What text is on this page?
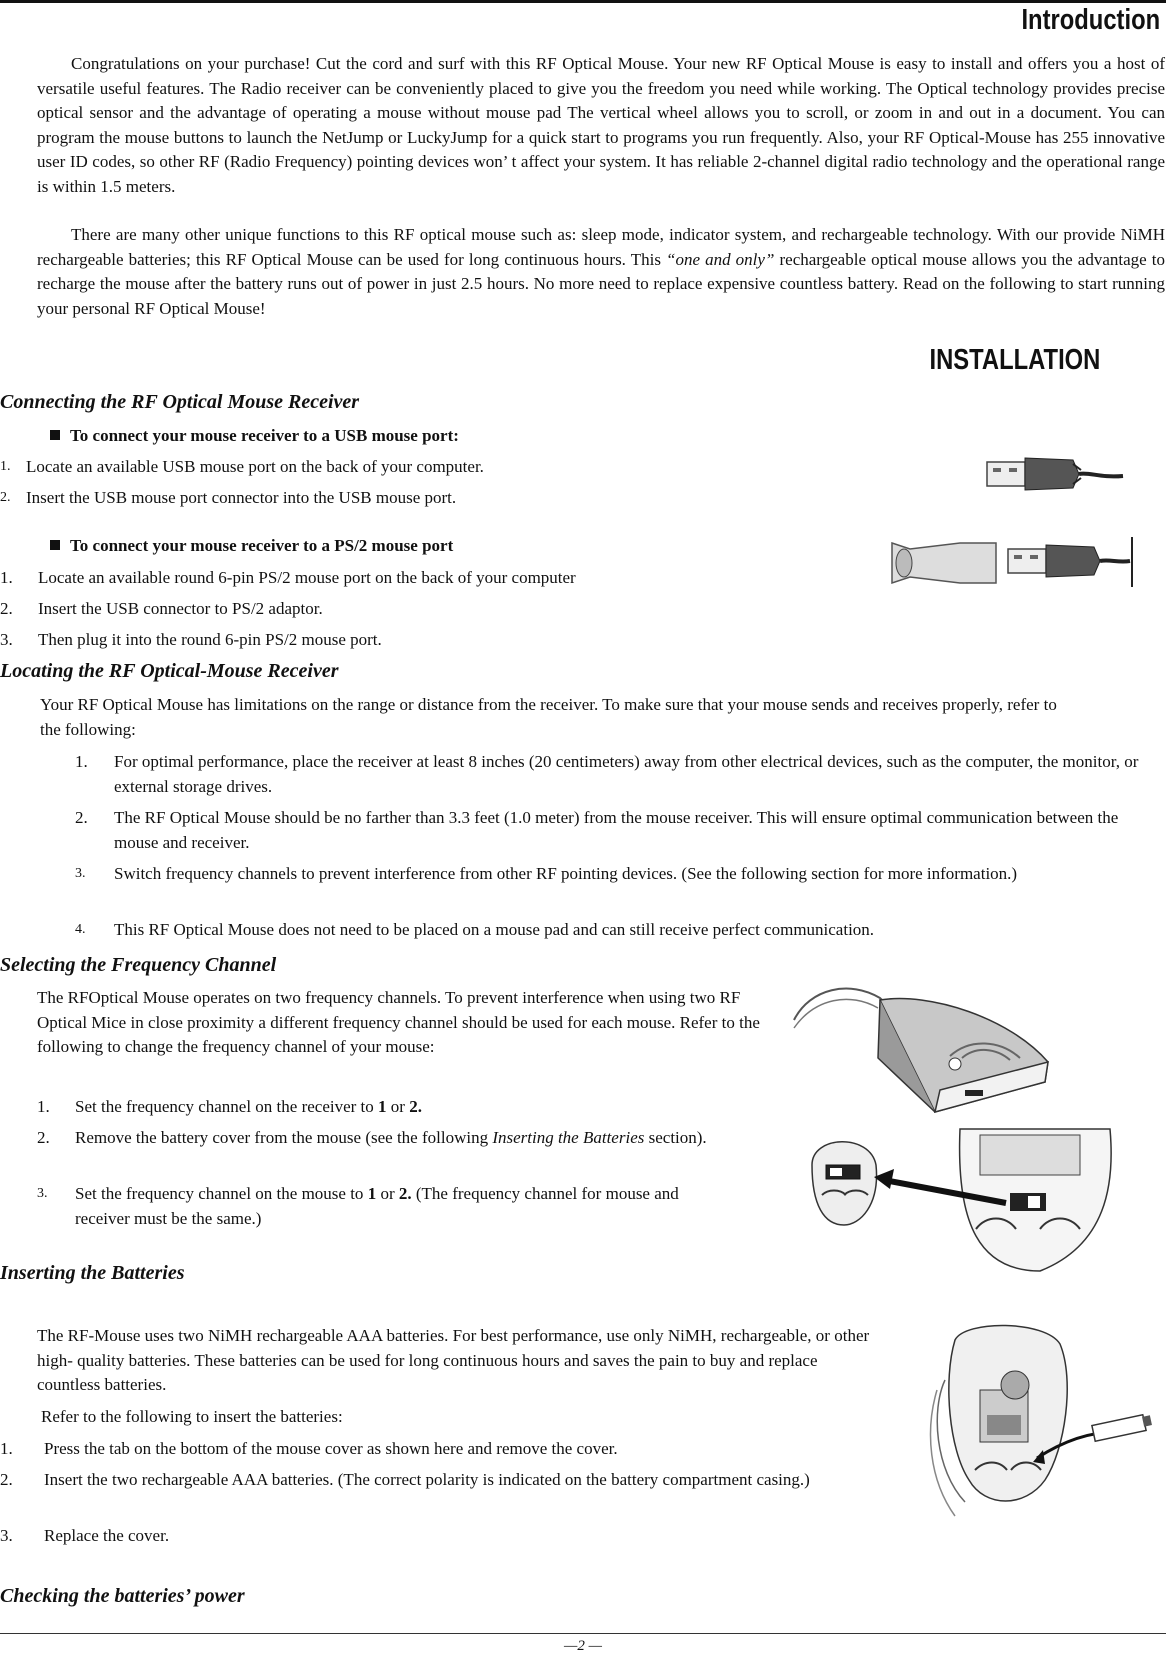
Introduction
Congratulations on your purchase! Cut the cord and surf with this RF Optical Mouse. Your new RF Optical Mouse is easy to install and offers you a host of versatile useful features. The Radio receiver can be conveniently placed to give you the freedom you need while working. The Optical technology provides precise optical sensor and the advantage of operating a mouse without mouse pad The vertical wheel allows you to scroll, or zoom in and out in a document. You can program the mouse buttons to launch the NetJump or LuckyJump for a quick start to programs you run frequently. Also, your RF Optical-Mouse has 255 innovative user ID codes, so other RF (Radio Frequency) pointing devices won’ t affect your system. It has reliable 2-channel digital radio technology and the operational range is within 1.5 meters.
There are many other unique functions to this RF optical mouse such as: sleep mode, indicator system, and rechargeable technology. With our provide NiMH rechargeable batteries; this RF Optical Mouse can be used for long continuous hours. This “one and only” rechargeable optical mouse allows you the advantage to recharge the mouse after the battery runs out of power in just 2.5 hours. No more need to replace expensive countless battery. Read on the following to start running your personal RF Optical Mouse!
INSTALLATION
Connecting the RF Optical Mouse Receiver
To connect your mouse receiver to a USB mouse port:
1. Locate an available USB mouse port on the back of your computer.
2. Insert the USB mouse port connector into the USB mouse port.
To connect your mouse receiver to a PS/2 mouse port
1. Locate an available round 6-pin PS/2 mouse port on the back of your computer
2. Insert the USB connector to PS/2 adaptor.
3. Then plug it into the round 6-pin PS/2 mouse port.
Locating the RF Optical-Mouse Receiver
Your RF Optical Mouse has limitations on the range or distance from the receiver. To make sure that your mouse sends and receives properly, refer to the following:
1. For optimal performance, place the receiver at least 8 inches (20 centimeters) away from other electrical devices, such as the computer, the monitor, or external storage drives.
2. The RF Optical Mouse should be no farther than 3.3 feet (1.0 meter) from the mouse receiver. This will ensure optimal communication between the mouse and receiver.
3. Switch frequency channels to prevent interference from other RF pointing devices. (See the following section for more information.)
4. This RF Optical Mouse does not need to be placed on a mouse pad and can still receive perfect communication.
Selecting the Frequency Channel
The RFOptical Mouse operates on two frequency channels. To prevent interference when using two RF Optical Mice in close proximity a different frequency channel should be used for each mouse. Refer to the following to change the frequency channel of your mouse:
1. Set the frequency channel on the receiver to 1 or 2.
2. Remove the battery cover from the mouse (see the following Inserting the Batteries section).
3. Set the frequency channel on the mouse to 1 or 2. (The frequency channel for mouse and receiver must be the same.)
Inserting the Batteries
The RF-Mouse uses two NiMH rechargeable AAA batteries. For best performance, use only NiMH, rechargeable, or other high- quality batteries. These batteries can be used for long continuous hours and saves the pain to buy and replace countless batteries.
Refer to the following to insert the batteries:
1. Press the tab on the bottom of the mouse cover as shown here and remove the cover.
2. Insert the two rechargeable AAA batteries. (The correct polarity is indicated on the battery compartment casing.)
3. Replace the cover.
Checking the batteries’ power
—2 —
